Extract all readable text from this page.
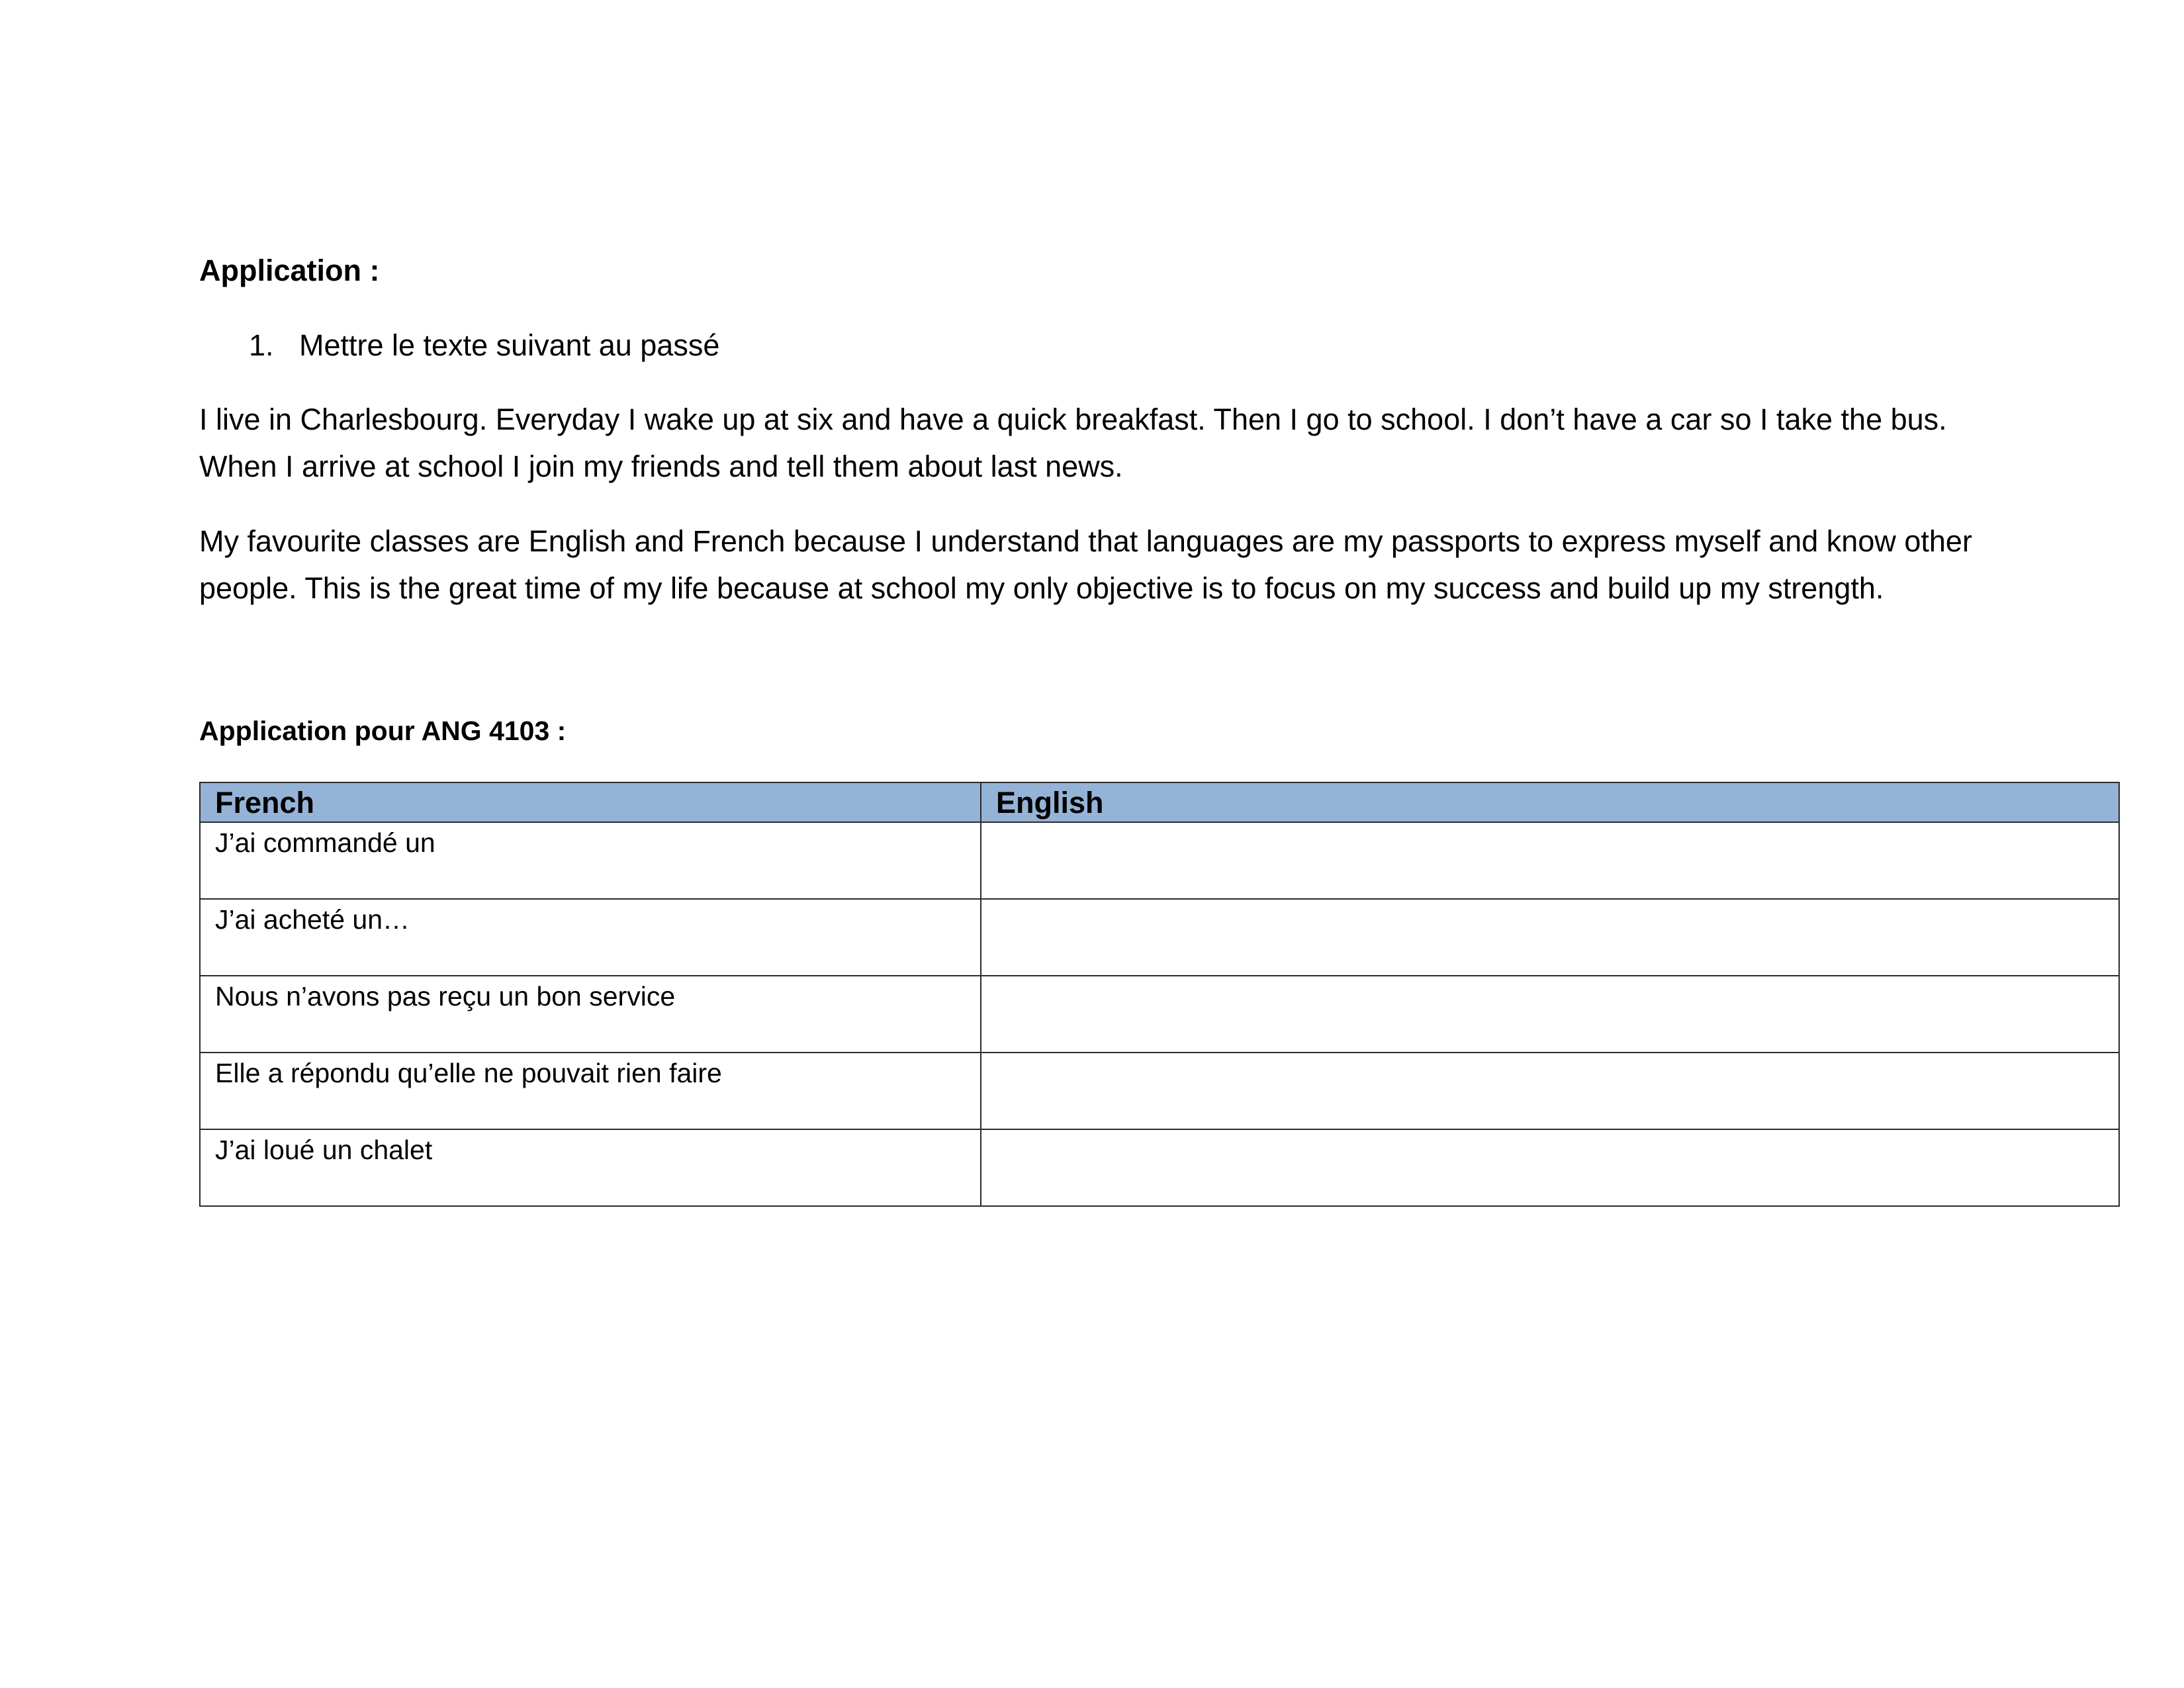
Application :
1. Mettre le texte suivant au passé

I live in Charlesbourg. Everyday I wake up at six and have a quick breakfast. Then I go to school. I don’t have a car so I take the bus. When I arrive at school I join my friends and tell them about last news.

My favourite classes are English and French because I understand that languages are my passports to express myself and know other people. This is the great time of my life because at school my only objective is to focus on my success and build up my strength.

Application pour ANG 4103 :
French	English
J’ai commandé un	
J’ai acheté un…	
Nous n’avons pas reçu un bon service	
Elle a répondu qu’elle ne pouvait rien faire	
J’ai loué un chalet	
